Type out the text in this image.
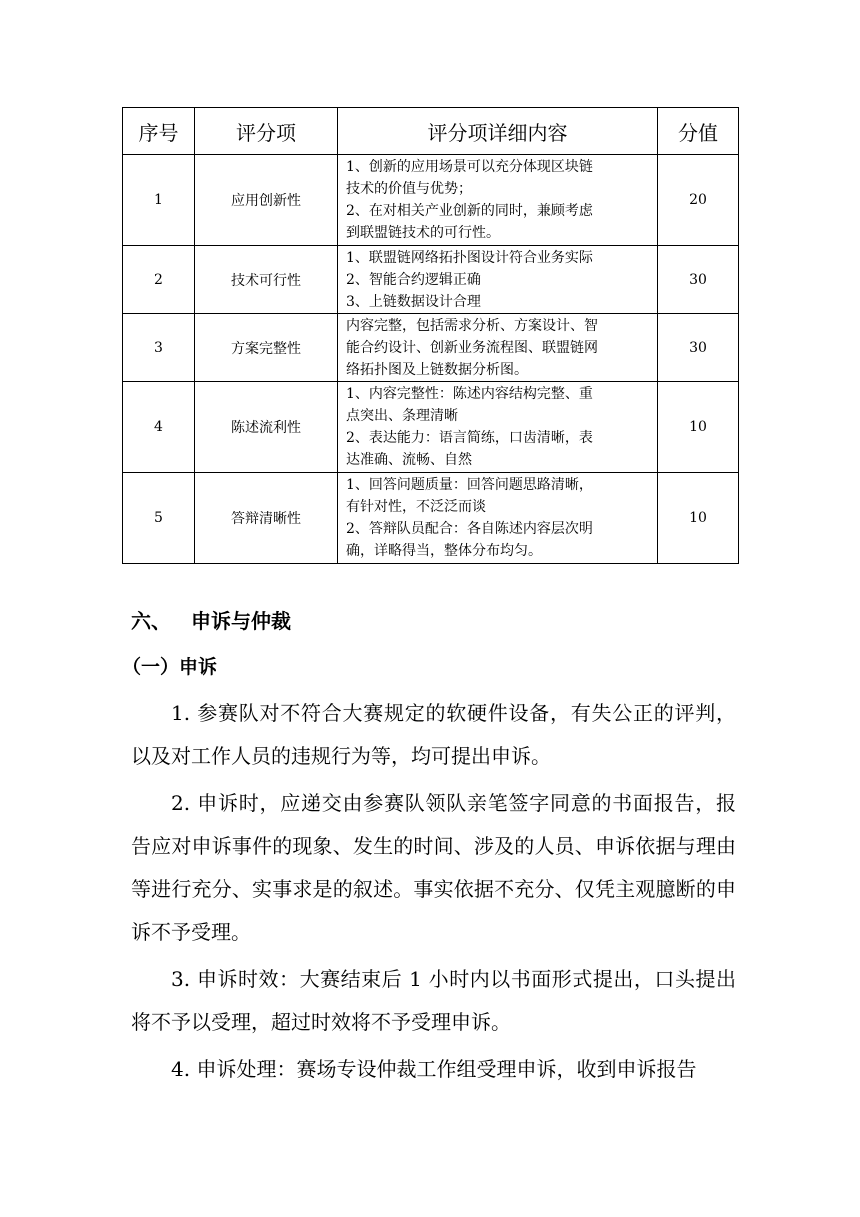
序号	评分项	评分项详细内容	分值
1	应用创新性	1、创新的应用场景可以充分体现区块链
技术的价值与优势；
2、在对相关产业创新的同时，兼顾考虑
到联盟链技术的可行性。	20
2	技术可行性	1、联盟链网络拓扑图设计符合业务实际
2、智能合约逻辑正确
3、上链数据设计合理	30
3	方案完整性	内容完整，包括需求分析、方案设计、智
能合约设计、创新业务流程图、联盟链网
络拓扑图及上链数据分析图。	30
4	陈述流利性	1、内容完整性：陈述内容结构完整、重
点突出、条理清晰
2、表达能力：语言简练，口齿清晰，表
达准确、流畅、自然	10
5	答辩清晰性	1、回答问题质量：回答问题思路清晰，
有针对性，不泛泛而谈
2、答辩队员配合：各自陈述内容层次明
确，详略得当，整体分布均匀。	10
六、 申诉与仲裁
（一）申诉

1. 参赛队对不符合大赛规定的软硬件设备，有失公正的评判，以及对工作人员的违规行为等，均可提出申诉。

2. 申诉时，应递交由参赛队领队亲笔签字同意的书面报告，报告应对申诉事件的现象、发生的时间、涉及的人员、申诉依据与理由等进行充分、实事求是的叙述。事实依据不充分、仅凭主观臆断的申诉不予受理。

3. 申诉时效：大赛结束后 1 小时内以书面形式提出，口头提出将不予以受理，超过时效将不予受理申诉。

4. 申诉处理：赛场专设仲裁工作组受理申诉，收到申诉报告
